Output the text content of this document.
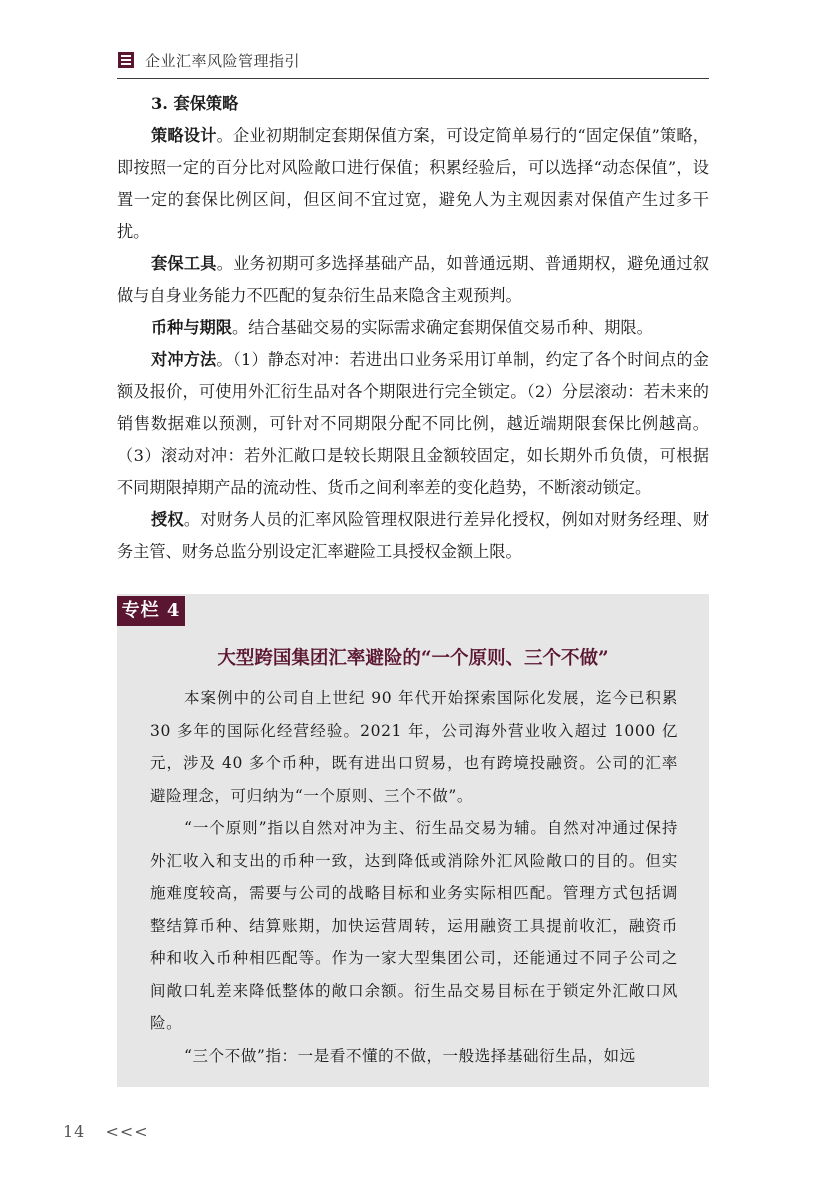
企业汇率风险管理指引

3. 套保策略

策略设计。企业初期制定套期保值方案，可设定简单易行的“固定保值”策略，即按照一定的百分比对风险敞口进行保值；积累经验后，可以选择“动态保值”，设置一定的套保比例区间，但区间不宜过宽，避免人为主观因素对保值产生过多干扰。

套保工具。业务初期可多选择基础产品，如普通远期、普通期权，避免通过叙做与自身业务能力不匹配的复杂衍生品来隐含主观预判。

币种与期限。结合基础交易的实际需求确定套期保值交易币种、期限。

对冲方法。（1）静态对冲：若进出口业务采用订单制，约定了各个时间点的金额及报价，可使用外汇衍生品对各个期限进行完全锁定。（2）分层滚动：若未来的销售数据难以预测，可针对不同期限分配不同比例，越近端期限套保比例越高。（3）滚动对冲：若外汇敞口是较长期限且金额较固定，如长期外币负债，可根据不同期限掉期产品的流动性、货币之间利率差的变化趋势，不断滚动锁定。

授权。对财务人员的汇率风险管理权限进行差异化授权，例如对财务经理、财务主管、财务总监分别设定汇率避险工具授权金额上限。

专栏 4
大型跨国集团汇率避险的“一个原则、三个不做”

本案例中的公司自上世纪 90 年代开始探索国际化发展，迄今已积累 30 多年的国际化经营经验。2021 年，公司海外营业收入超过 1000 亿元，涉及 40 多个币种，既有进出口贸易，也有跨境投融资。公司的汇率避险理念，可归纳为“一个原则、三个不做”。

“一个原则”指以自然对冲为主、衍生品交易为辅。自然对冲通过保持外汇收入和支出的币种一致，达到降低或消除外汇风险敞口的目的。但实施难度较高，需要与公司的战略目标和业务实际相匹配。管理方式包括调整结算币种、结算账期，加快运营周转，运用融资工具提前收汇，融资币种和收入币种相匹配等。作为一家大型集团公司，还能通过不同子公司之间敞口轧差来降低整体的敞口余额。衍生品交易目标在于锁定外汇敞口风险。

“三个不做”指：一是看不懂的不做，一般选择基础衍生品，如远

14 <<<
